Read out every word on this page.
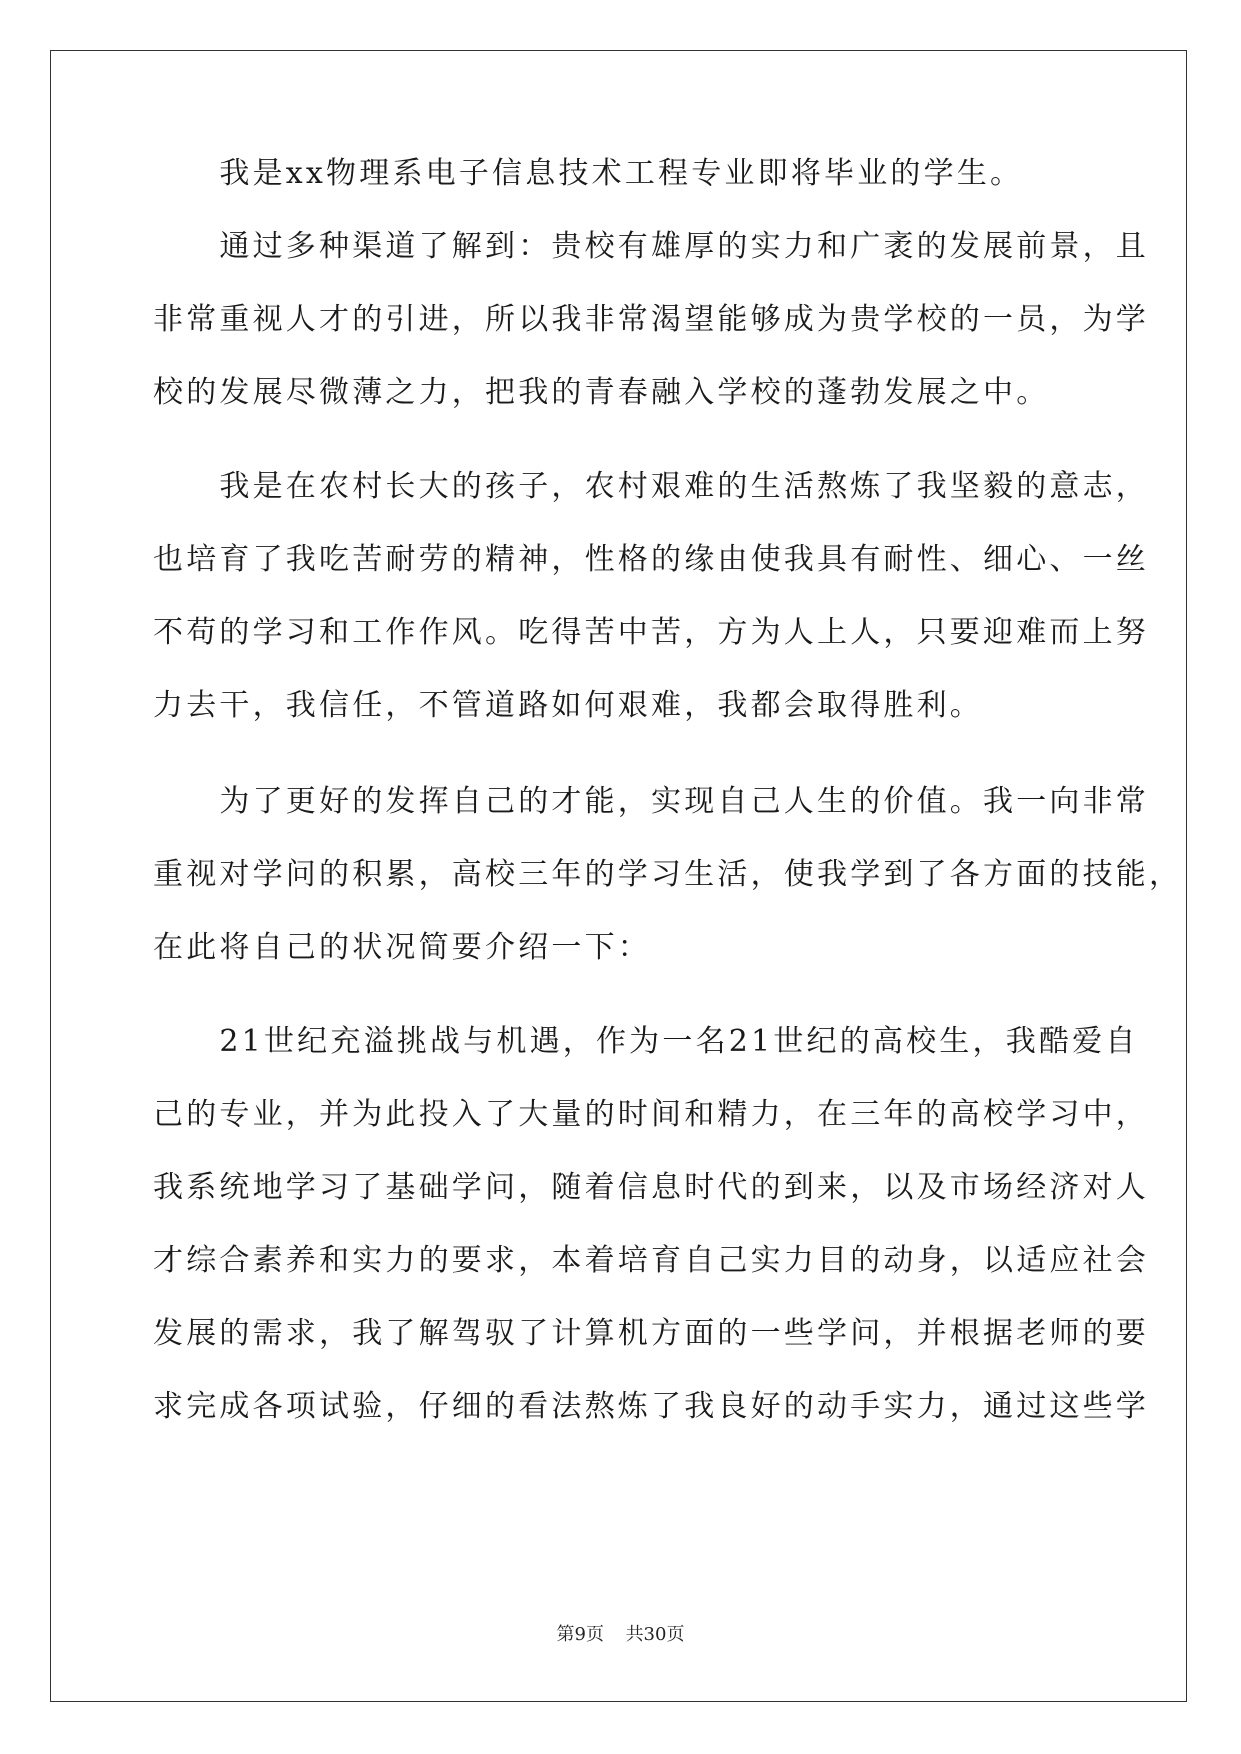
　　我是xx物理系电子信息技术工程专业即将毕业的学生。
　　通过多种渠道了解到：贵校有雄厚的实力和广袤的发展前景，且
非常重视人才的引进，所以我非常渴望能够成为贵学校的一员，为学
校的发展尽微薄之力，把我的青春融入学校的蓬勃发展之中。
　　我是在农村长大的孩子，农村艰难的生活熬炼了我坚毅的意志，
也培育了我吃苦耐劳的精神，性格的缘由使我具有耐性、细心、一丝
不苟的学习和工作作风。吃得苦中苦，方为人上人，只要迎难而上努
力去干，我信任，不管道路如何艰难，我都会取得胜利。
　　为了更好的发挥自己的才能，实现自己人生的价值。我一向非常
重视对学问的积累，高校三年的学习生活，使我学到了各方面的技能，
在此将自己的状况简要介绍一下：
　　21世纪充溢挑战与机遇，作为一名21世纪的高校生，我酷爱自
己的专业，并为此投入了大量的时间和精力，在三年的高校学习中，
我系统地学习了基础学问，随着信息时代的到来，以及市场经济对人
才综合素养和实力的要求，本着培育自己实力目的动身，以适应社会
发展的需求，我了解驾驭了计算机方面的一些学问，并根据老师的要
求完成各项试验，仔细的看法熬炼了我良好的动手实力，通过这些学
第9页 共30页
